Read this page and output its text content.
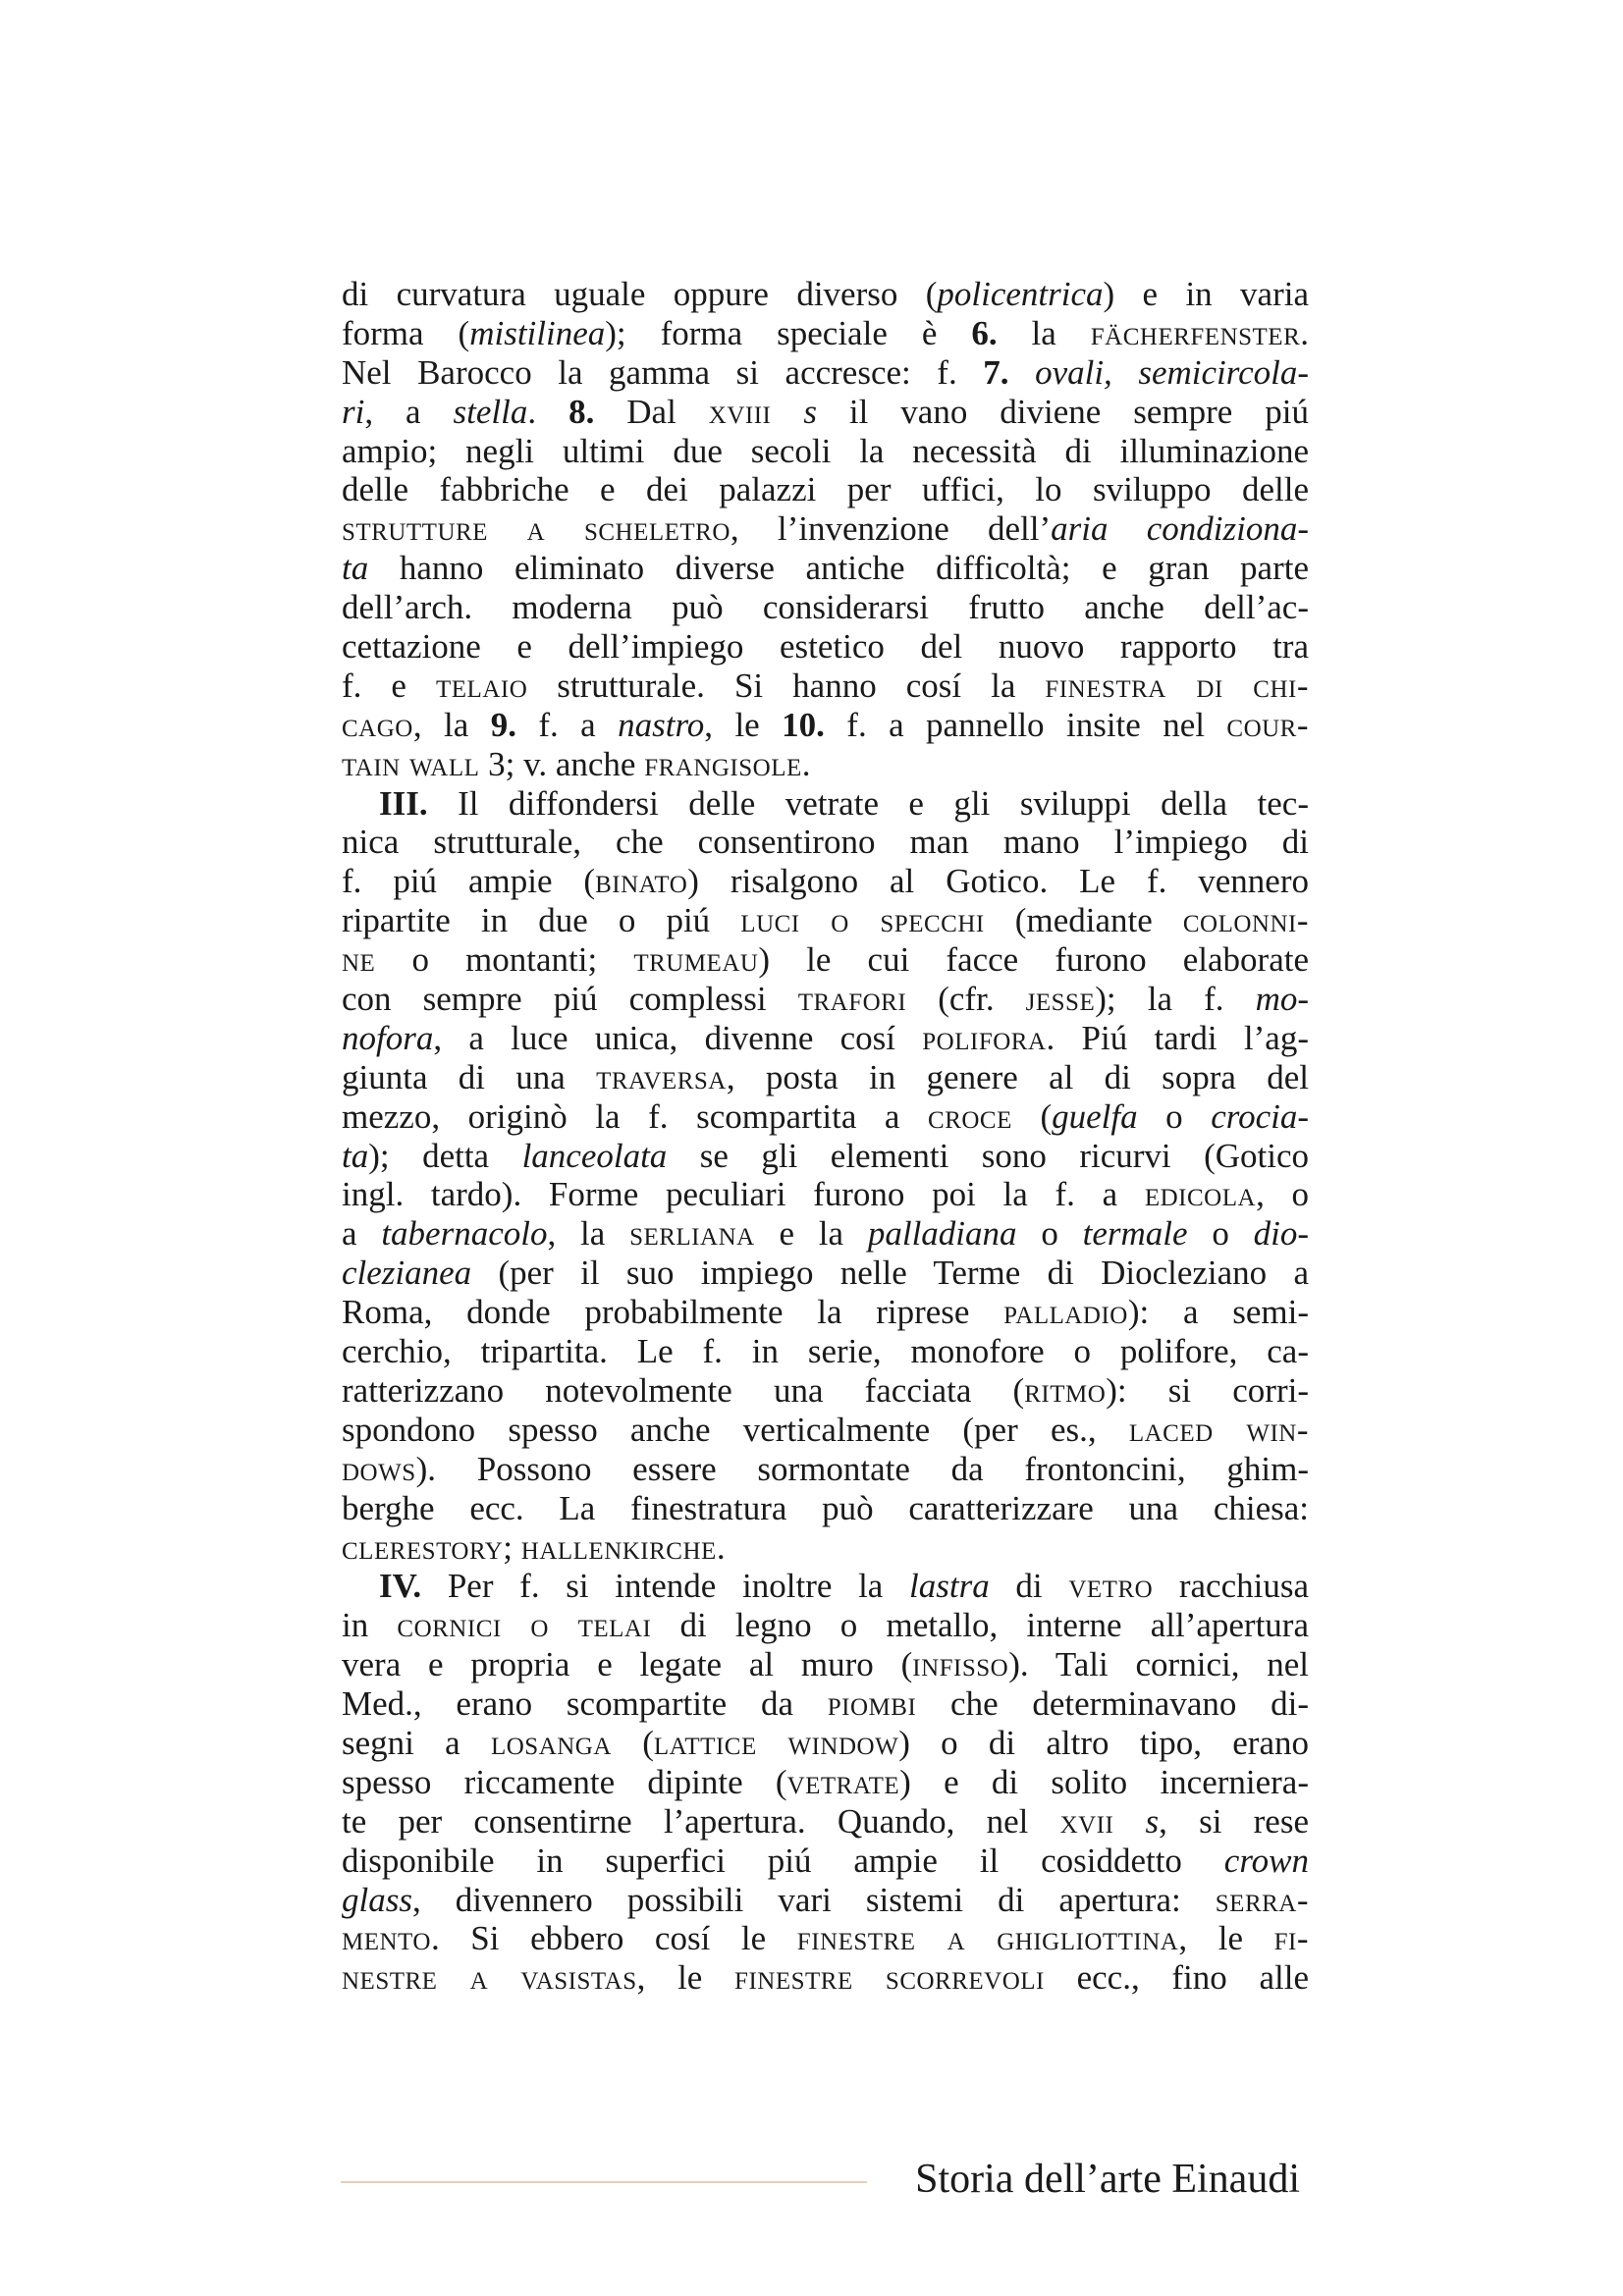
di curvatura uguale oppure diverso (policentrica) e in varia
forma (mistilinea); forma speciale è 6. la fächerfenster.
Nel Barocco la gamma si accresce: f. 7. ovali, semicircola-
ri, a stella. 8. Dal xviii s il vano diviene sempre piú
ampio; negli ultimi due secoli la necessità di illuminazione
delle fabbriche e dei palazzi per uffici, lo sviluppo delle
strutture a scheletro, l’invenzione dell’aria condiziona-
ta hanno eliminato diverse antiche difficoltà; e gran parte
dell’arch. moderna può considerarsi frutto anche dell’ac-
cettazione e dell’impiego estetico del nuovo rapporto tra
f. e telaio strutturale. Si hanno cosí la finestra di chi-
cago, la 9. f. a nastro, le 10. f. a pannello insite nel cour-
tain wall 3; v. anche frangisole.
III. Il diffondersi delle vetrate e gli sviluppi della tec-
nica strutturale, che consentirono man mano l’impiego di
f. piú ampie (binato) risalgono al Gotico. Le f. vennero
ripartite in due o piú luci o specchi (mediante colonni-
ne o montanti; trumeau) le cui facce furono elaborate
con sempre piú complessi trafori (cfr. jesse); la f. mo-
nofora, a luce unica, divenne cosí polifora. Piú tardi l’ag-
giunta di una traversa, posta in genere al di sopra del
mezzo, originò la f. scompartita a croce (guelfa o crocia-
ta); detta lanceolata se gli elementi sono ricurvi (Gotico
ingl. tardo). Forme peculiari furono poi la f. a edicola, o
a tabernacolo, la serliana e la palladiana o termale o dio-
clezianea (per il suo impiego nelle Terme di Diocleziano a
Roma, donde probabilmente la riprese palladio): a semi-
cerchio, tripartita. Le f. in serie, monofore o polifore, ca-
ratterizzano notevolmente una facciata (ritmo): si corri-
spondono spesso anche verticalmente (per es., laced win-
dows). Possono essere sormontate da frontoncini, ghim-
berghe ecc. La finestratura può caratterizzare una chiesa:
clerestory; hallenkirche.
IV. Per f. si intende inoltre la lastra di vetro racchiusa
in cornici o telai di legno o metallo, interne all’apertura
vera e propria e legate al muro (infisso). Tali cornici, nel
Med., erano scompartite da piombi che determinavano di-
segni a losanga (lattice window) o di altro tipo, erano
spesso riccamente dipinte (vetrate) e di solito incerniera-
te per consentirne l’apertura. Quando, nel xvii s, si rese
disponibile in superfici piú ampie il cosiddetto crown
glass, divennero possibili vari sistemi di apertura: serra-
mento. Si ebbero cosí le finestre a ghigliottina, le fi-
nestre a vasistas, le finestre scorrevoli ecc., fino alle
Storia dell’arte Einaudi
